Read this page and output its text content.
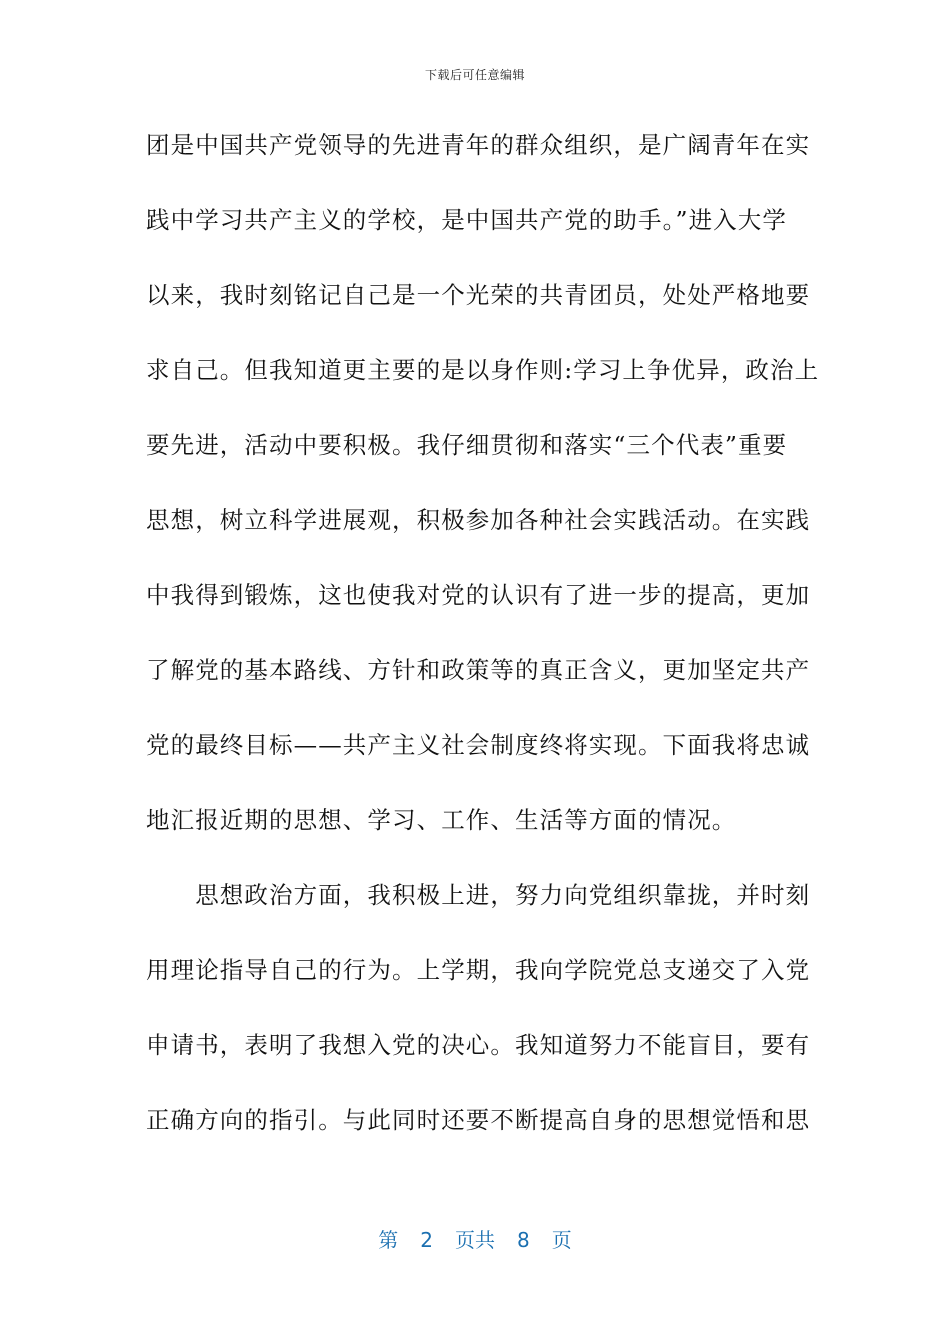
下载后可任意编辑
团是中国共产党领导的先进青年的群众组织，是广阔青年在实
践中学习共产主义的学校，是中国共产党的助手。”进入大学
以来，我时刻铭记自己是一个光荣的共青团员，处处严格地要
求自己。但我知道更主要的是以身作则:学习上争优异，政治上
要先进，活动中要积极。我仔细贯彻和落实“三个代表”重要
思想，树立科学进展观，积极参加各种社会实践活动。在实践
中我得到锻炼，这也使我对党的认识有了进一步的提高，更加
了解党的基本路线、方针和政策等的真正含义，更加坚定共产
党的最终目标——共产主义社会制度终将实现。下面我将忠诚
地汇报近期的思想、学习、工作、生活等方面的情况。
　　思想政治方面，我积极上进，努力向党组织靠拢，并时刻
用理论指导自己的行为。上学期，我向学院党总支递交了入党
申请书，表明了我想入党的决心。我知道努力不能盲目，要有
正确方向的指引。与此同时还要不断提高自身的思想觉悟和思
第 2 页共 8 页
